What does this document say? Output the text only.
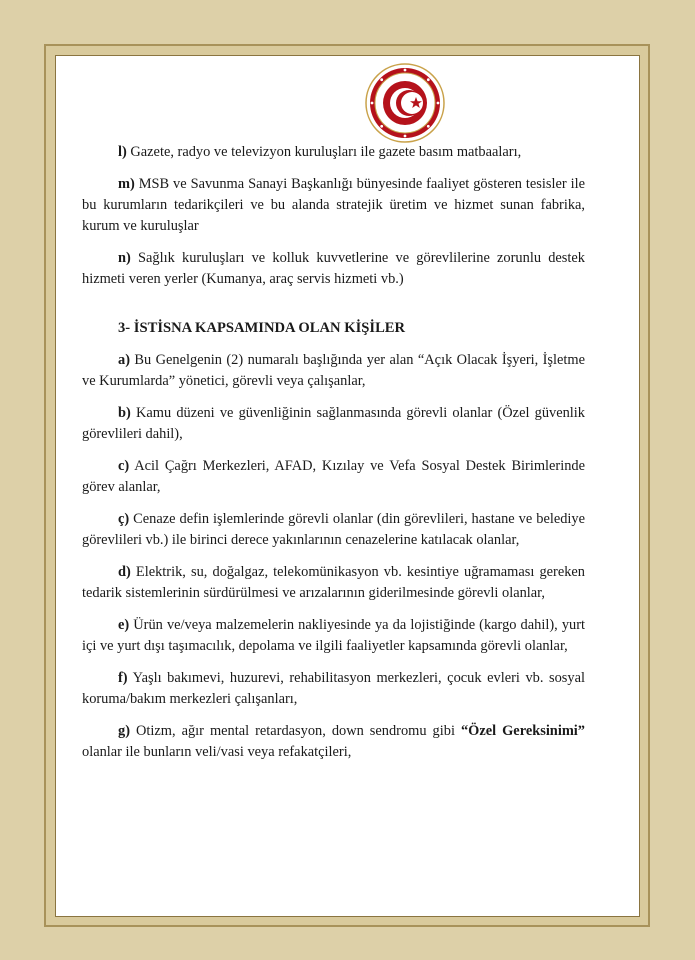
l) Gazete, radyo ve televizyon kuruluşları ile gazete basım matbaaları,

m) MSB ve Savunma Sanayi Başkanlığı bünyesinde faaliyet gösteren tesisler ile bu kurumların tedarikçileri ve bu alanda stratejik üretim ve hizmet sunan fabrika, kurum ve kuruluşlar

n) Sağlık kuruluşları ve kolluk kuvvetlerine ve görevlilerine zorunlu destek hizmeti veren yerler (Kumanya, araç servis hizmeti vb.)

3- İSTİSNA KAPSAMINDA OLAN KİŞİLER

a) Bu Genelgenin (2) numaralı başlığında yer alan “Açık Olacak İşyeri, İşletme ve Kurumlarda” yönetici, görevli veya çalışanlar,

b) Kamu düzeni ve güvenliğinin sağlanmasında görevli olanlar (Özel güvenlik görevlileri dahil),

c) Acil Çağrı Merkezleri, AFAD, Kızılay ve Vefa Sosyal Destek Birimlerinde görev alanlar,

ç) Cenaze defin işlemlerinde görevli olanlar (din görevlileri, hastane ve belediye görevlileri vb.) ile birinci derece yakınlarının cenazelerine katılacak olanlar,

d) Elektrik, su, doğalgaz, telekomünikasyon vb. kesintiye uğramaması gereken tedarik sistemlerinin sürdürülmesi ve arızalarının giderilmesinde görevli olanlar,

e) Ürün ve/veya malzemelerin nakliyesinde ya da lojistiğinde (kargo dahil), yurt içi ve yurt dışı taşımacılık, depolama ve ilgili faaliyetler kapsamında görevli olanlar,

f) Yaşlı bakımevi, huzurevi, rehabilitasyon merkezleri, çocuk evleri vb. sosyal koruma/bakım merkezleri çalışanları,

g) Otizm, ağır mental retardasyon, down sendromu gibi “Özel Gereksinimi” olanlar ile bunların veli/vasi veya refakatçileri,
